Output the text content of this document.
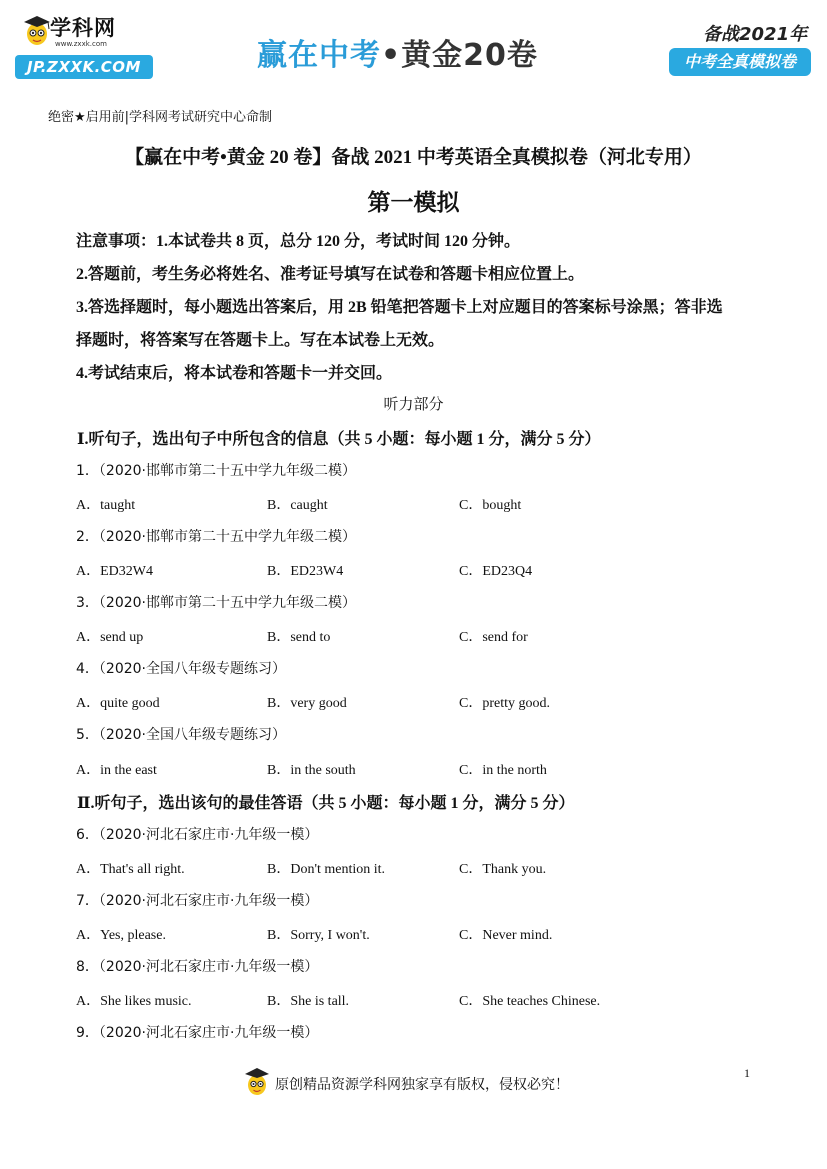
学科网
www.zxxk.com
JP.ZXXK.COM	赢在中考•黄金20卷
备战2021年
中考全真模拟卷
绝密★启用前|学科网考试研究中心命制
【赢在中考•黄金 20 卷】备战 2021 中考英语全真模拟卷（河北专用）
第一模拟
注意事项：1.本试卷共 8 页，总分 120 分，考试时间 120 分钟。
2.答题前，考生务必将姓名、准考证号填写在试卷和答题卡相应位置上。
3.答选择题时，每小题选出答案后，用 2B 铅笔把答题卡上对应题目的答案标号涂黑；答非选
择题时，将答案写在答题卡上。写在本试卷上无效。
4.考试结束后，将本试卷和答题卡一并交回。
听力部分
Ⅰ.听句子，选出句子中所包含的信息（共 5 小题：每小题 1 分，满分 5 分）
1．（2020·邯郸市第二十五中学九年级二模）
A．taught	B．caught	C．bought
2．（2020·邯郸市第二十五中学九年级二模）
A．ED32W4	B．ED23W4	C．ED23Q4
3．（2020·邯郸市第二十五中学九年级二模）
A．send up	B．send to	C．send for
4．（2020·全国八年级专题练习）
A．quite good	B．very good	C．pretty good.
5．（2020·全国八年级专题练习）
A．in the east	B．in the south	C．in the north
Ⅱ.听句子，选出该句的最佳答语（共 5 小题：每小题 1 分，满分 5 分）
6．（2020·河北石家庄市·九年级一模）
A．That's all right.	B．Don't mention it.	C．Thank you.
7．（2020·河北石家庄市·九年级一模）
A．Yes, please.	B．Sorry, I won't.	C．Never mind.
8．（2020·河北石家庄市·九年级一模）
A．She likes music.	B．She is tall.	C．She teaches Chinese.
9．（2020·河北石家庄市·九年级一模）
原创精品资源学科网独家享有版权，侵权必究！
1
